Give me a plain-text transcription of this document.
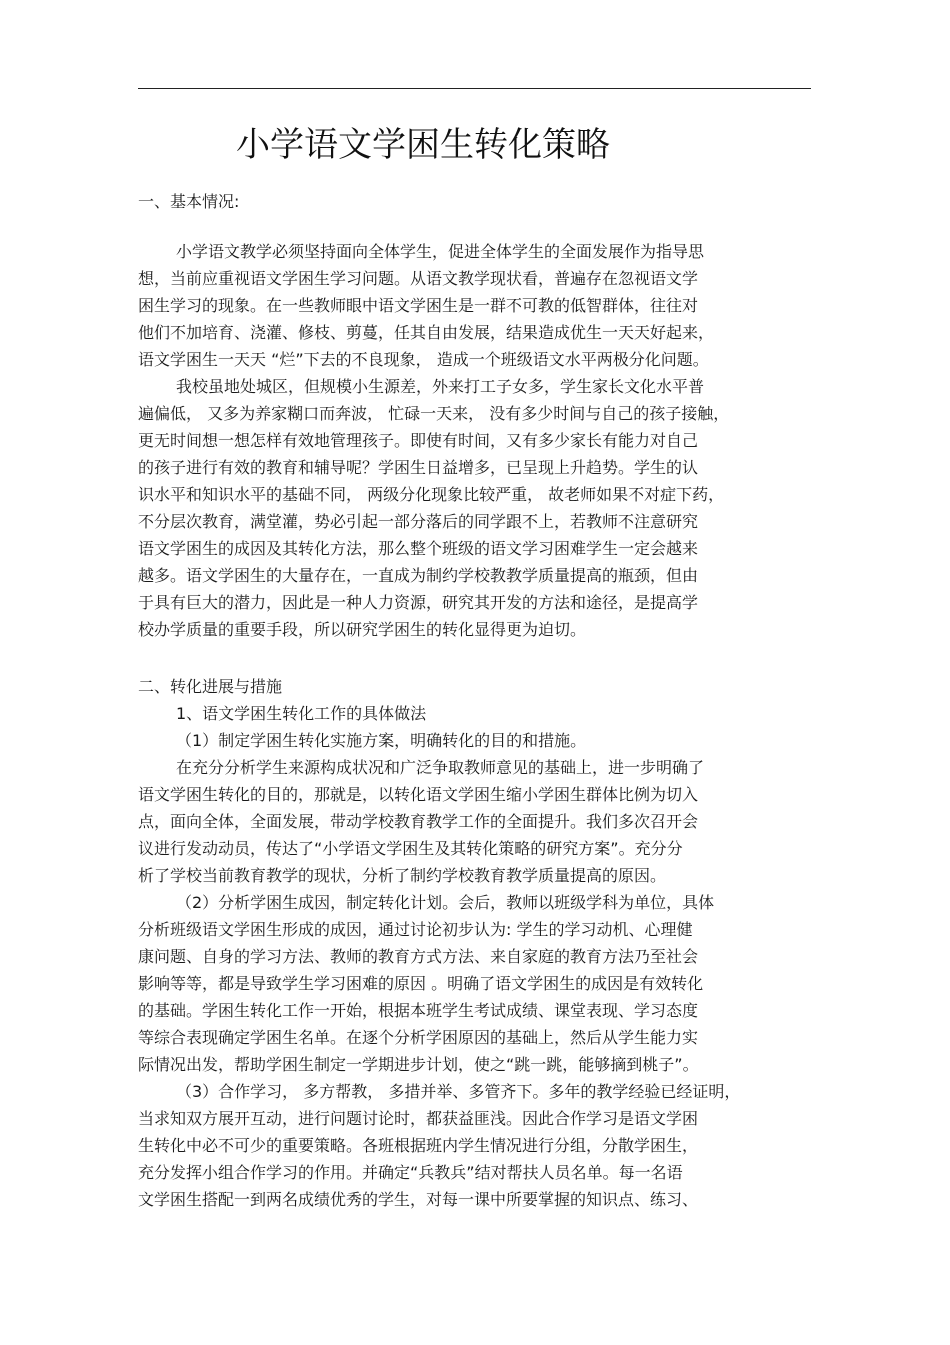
小学语文学困生转化策略
一、基本情况:
小学语文教学必须坚持面向全体学生，促进全体学生的全面发展作为指导思
想，当前应重视语文学困生学习问题。从语文教学现状看，普遍存在忽视语文学
困生学习的现象。在一些教师眼中语文学困生是一群不可教的低智群体，往往对
他们不加培育、浇灌、修枝、剪蔓，任其自由发展，结果造成优生一天天好起来，
语文学困生一天天 “烂”下去的不良现象， 造成一个班级语文水平两极分化问题。
我校虽地处城区，但规模小生源差，外来打工子女多，学生家长文化水平普
遍偏低， 又多为养家糊口而奔波， 忙碌一天来， 没有多少时间与自己的孩子接触，
更无时间想一想怎样有效地管理孩子。即使有时间，又有多少家长有能力对自己
的孩子进行有效的教育和辅导呢？学困生日益增多，已呈现上升趋势。学生的认
识水平和知识水平的基础不同， 两级分化现象比较严重， 故老师如果不对症下药，
不分层次教育，满堂灌，势必引起一部分落后的同学跟不上，若教师不注意研究
语文学困生的成因及其转化方法，那么整个班级的语文学习困难学生一定会越来
越多。语文学困生的大量存在，一直成为制约学校教教学质量提高的瓶颈，但由
于具有巨大的潜力，因此是一种人力资源，研究其开发的方法和途径，是提高学
校办学质量的重要手段，所以研究学困生的转化显得更为迫切。
二、转化进展与措施
1、语文学困生转化工作的具体做法
（1）制定学困生转化实施方案，明确转化的目的和措施。
在充分分析学生来源构成状况和广泛争取教师意见的基础上，进一步明确了
语文学困生转化的目的，那就是，以转化语文学困生缩小学困生群体比例为切入
点，面向全体，全面发展，带动学校教育教学工作的全面提升。我们多次召开会
议进行发动动员，传达了“小学语文学困生及其转化策略的研究方案”。充分分
析了学校当前教育教学的现状，分析了制约学校教育教学质量提高的原因。
（2）分析学困生成因，制定转化计划。会后，教师以班级学科为单位，具体
分析班级语文学困生形成的成因，通过讨论初步认为: 学生的学习动机、心理健
康问题、自身的学习方法、教师的教育方式方法、来自家庭的教育方法乃至社会
影响等等，都是导致学生学习困难的原因 。明确了语文学困生的成因是有效转化
的基础。学困生转化工作一开始，根据本班学生考试成绩、课堂表现、学习态度
等综合表现确定学困生名单。在逐个分析学困原因的基础上，然后从学生能力实
际情况出发，帮助学困生制定一学期进步计划，使之“跳一跳，能够摘到桃子”。
（3）合作学习， 多方帮教， 多措并举、多管齐下。多年的教学经验已经证明，
当求知双方展开互动，进行问题讨论时，都获益匪浅。因此合作学习是语文学困
生转化中必不可少的重要策略。各班根据班内学生情况进行分组，分散学困生，
充分发挥小组合作学习的作用。并确定“兵教兵”结对帮扶人员名单。每一名语
文学困生搭配一到两名成绩优秀的学生，对每一课中所要掌握的知识点、练习、
